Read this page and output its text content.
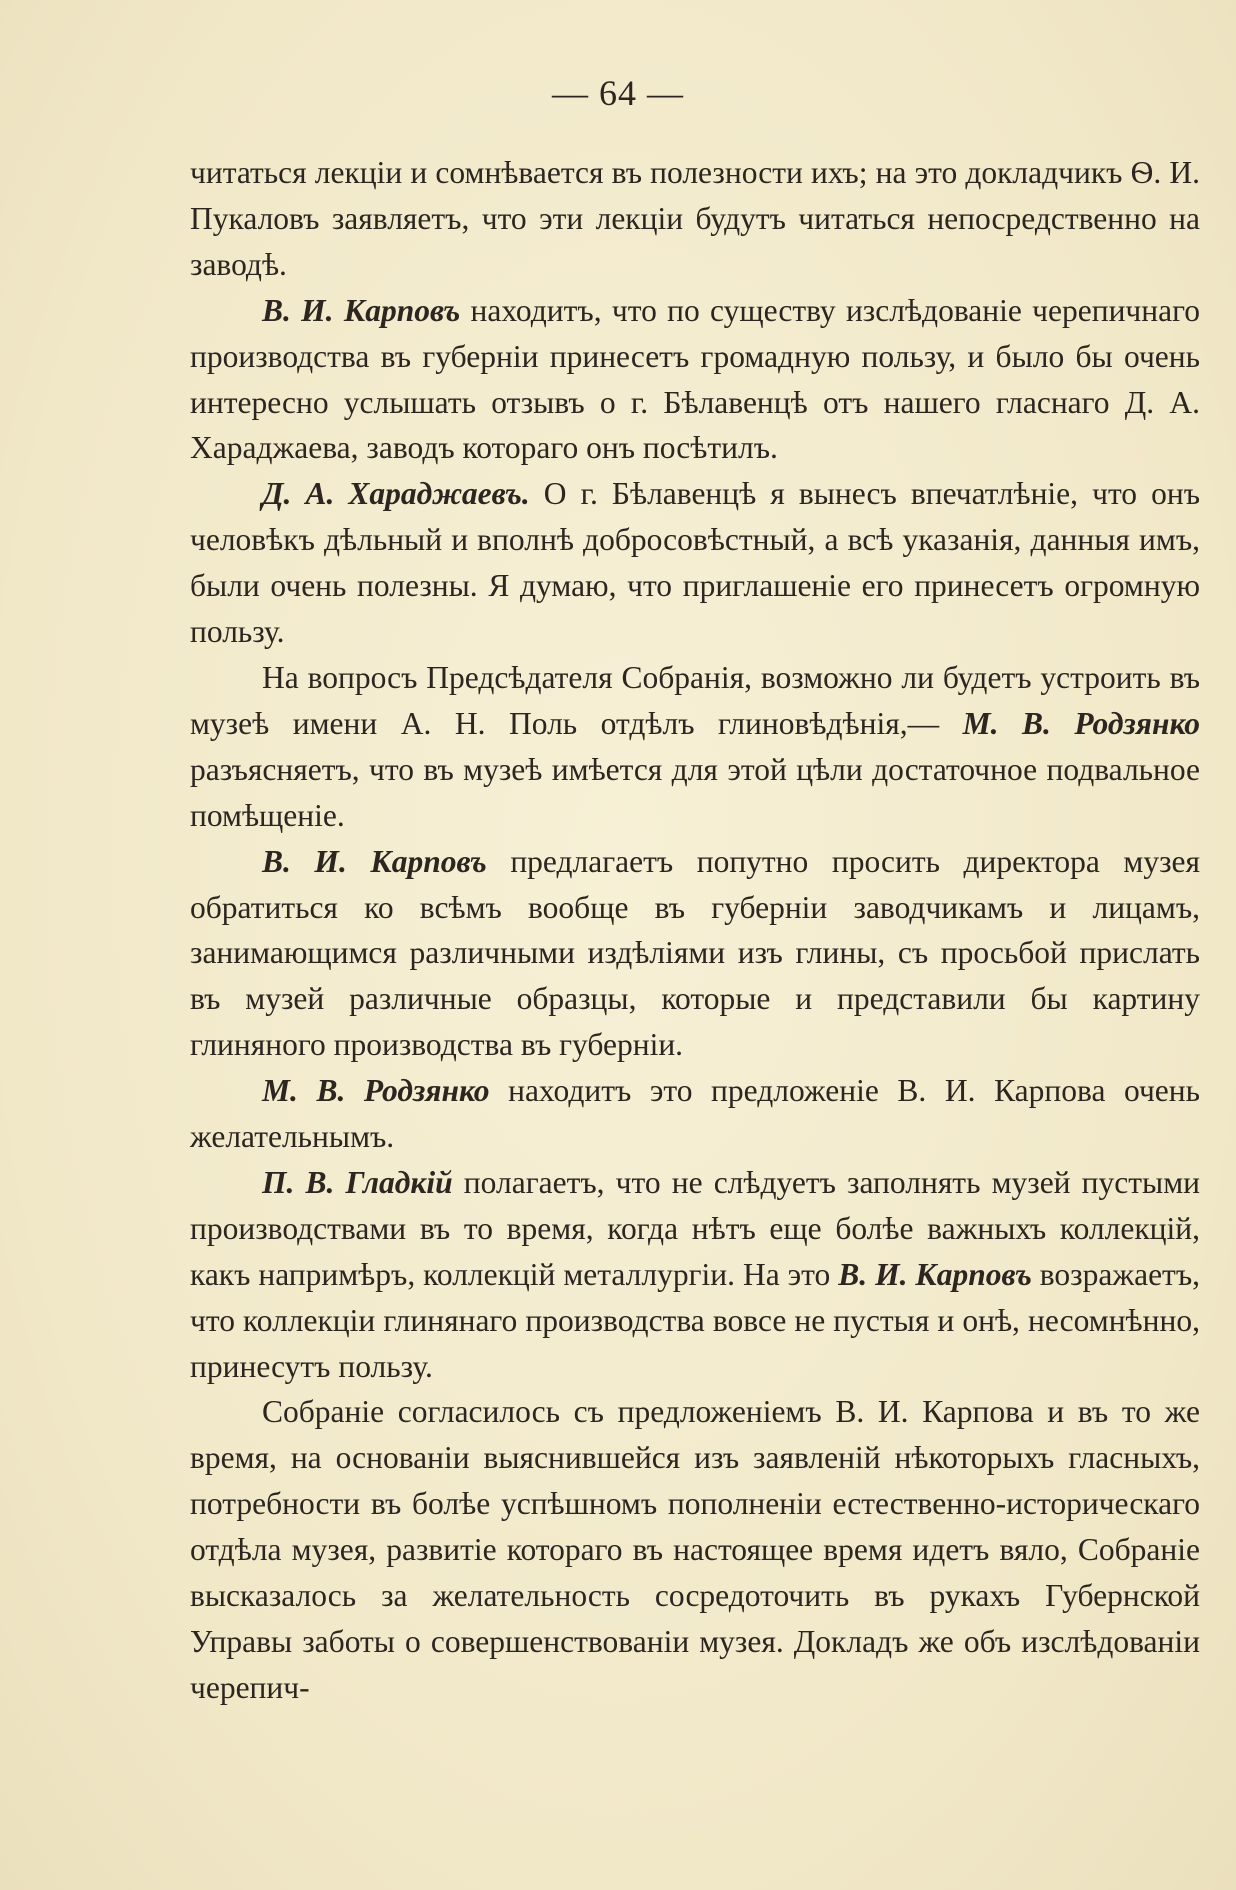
— 64 —

читаться лекціи и сомнѣвается въ полезности ихъ; на это докладчикъ Ѳ. И. Пукаловъ заявляетъ, что эти лекціи будутъ читаться непосредственно на заводѣ.

В. И. Карповъ находитъ, что по существу изслѣдованіе черепичнаго производства въ губерніи принесетъ громадную пользу, и было бы очень интересно услышать отзывъ о г. Бѣлавенцѣ отъ нашего гласнаго Д. А. Хараджаева, заводъ котораго онъ посѣтилъ.

Д. А. Хараджаевъ. О г. Бѣлавенцѣ я вынесъ впечатлѣніе, что онъ человѣкъ дѣльный и вполнѣ добросовѣстный, а всѣ указанія, данныя имъ, были очень полезны. Я думаю, что приглашеніе его принесетъ огромную пользу.

На вопросъ Предсѣдателя Собранія, возможно ли будетъ устроить въ музеѣ имени А. Н. Поль отдѣлъ глиновѣдѣнія,— М. В. Родзянко разъясняетъ, что въ музеѣ имѣется для этой цѣли достаточное подвальное помѣщеніе.

В. И. Карповъ предлагаетъ попутно просить директора музея обратиться ко всѣмъ вообще въ губерніи заводчикамъ и лицамъ, занимающимся различными издѣліями изъ глины, съ просьбой прислать въ музей различные образцы, которые и представили бы картину глиняного производства въ губерніи.

М. В. Родзянко находитъ это предложеніе В. И. Карпова очень желательнымъ.

П. В. Гладкій полагаетъ, что не слѣдуетъ заполнять музей пустыми производствами въ то время, когда нѣтъ еще болѣе важныхъ коллекцій, какъ напримѣръ, коллекцій металлургіи. На это В. И. Карповъ возражаетъ, что коллекціи глинянаго производства вовсе не пустыя и онѣ, несомнѣнно, принесутъ пользу.

Собраніе согласилось съ предложеніемъ В. И. Карпова и въ то же время, на основаніи выяснившейся изъ заявленій нѣкоторыхъ гласныхъ, потребности въ болѣе успѣшномъ пополненіи естественно-историческаго отдѣла музея, развитіе котораго въ настоящее время идетъ вяло, Собраніе высказалось за желательность сосредоточить въ рукахъ Губернской Управы заботы о совершенствованіи музея. Докладъ же объ изслѣдованіи черепич-
